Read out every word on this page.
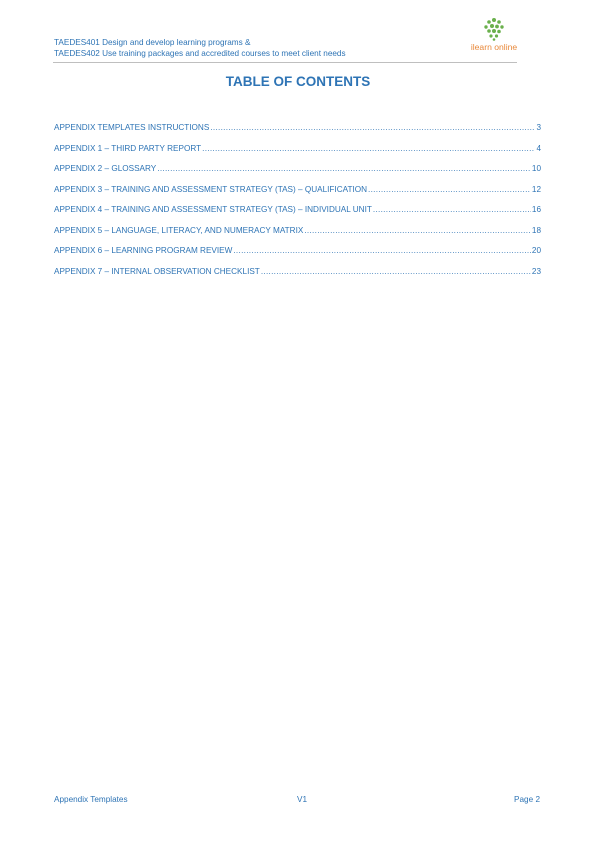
TAEDES401 Design and develop learning programs &
TAEDES402 Use training packages and accredited courses to meet client needs
ilearn online
TABLE OF CONTENTS
APPENDIX TEMPLATES INSTRUCTIONS .....	3
APPENDIX 1 – THIRD PARTY REPORT .....	4
APPENDIX 2 – GLOSSARY .....	10
APPENDIX 3 – TRAINING AND ASSESSMENT STRATEGY (TAS) – QUALIFICATION .....	12
APPENDIX 4 – TRAINING AND ASSESSMENT STRATEGY (TAS) – INDIVIDUAL UNIT .....	16
APPENDIX 5 – LANGUAGE, LITERACY, AND NUMERACY MATRIX .....	18
APPENDIX 6 – LEARNING PROGRAM REVIEW .....	20
APPENDIX 7 – INTERNAL OBSERVATION CHECKLIST .....	23
Appendix Templates	V1	Page 2
